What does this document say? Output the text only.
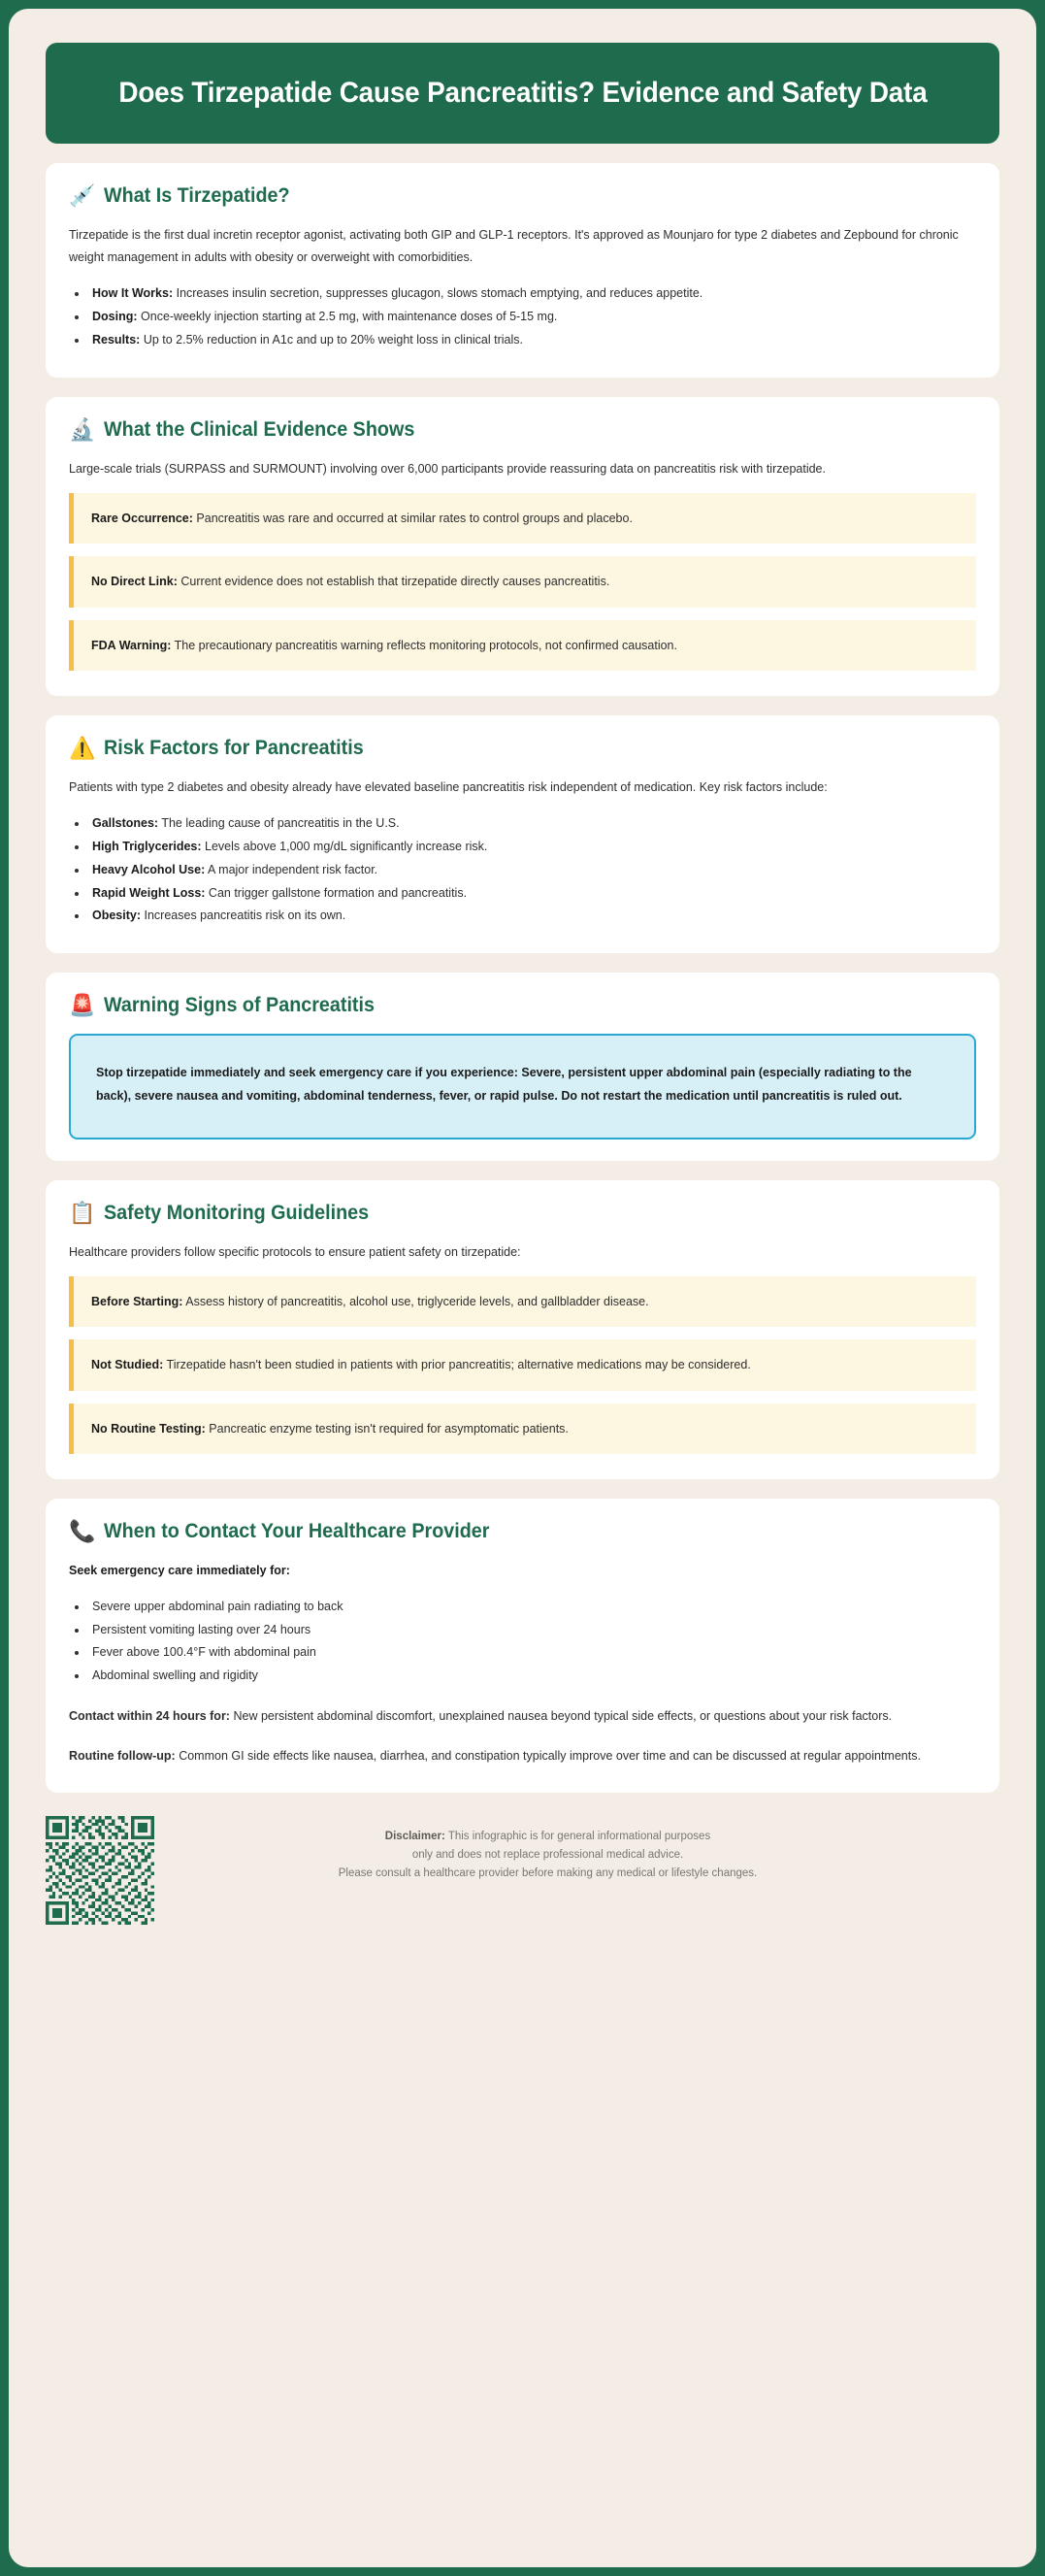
Does Tirzepatide Cause Pancreatitis? Evidence and Safety Data
💉 What Is Tirzepatide?

Tirzepatide is the first dual incretin receptor agonist, activating both GIP and GLP-1 receptors. It's approved as Mounjaro for type 2 diabetes and Zepbound for chronic weight management in adults with obesity or overweight with comorbidities.

• How It Works: Increases insulin secretion, suppresses glucagon, slows stomach emptying, and reduces appetite.
• Dosing: Once-weekly injection starting at 2.5 mg, with maintenance doses of 5-15 mg.
• Results: Up to 2.5% reduction in A1c and up to 20% weight loss in clinical trials.
🔬 What the Clinical Evidence Shows

Large-scale trials (SURPASS and SURMOUNT) involving over 6,000 participants provide reassuring data on pancreatitis risk with tirzepatide.

Rare Occurrence: Pancreatitis was rare and occurred at similar rates to control groups and placebo.
No Direct Link: Current evidence does not establish that tirzepatide directly causes pancreatitis.
FDA Warning: The precautionary pancreatitis warning reflects monitoring protocols, not confirmed causation.
⚠️ Risk Factors for Pancreatitis

Patients with type 2 diabetes and obesity already have elevated baseline pancreatitis risk independent of medication. Key risk factors include:

• Gallstones: The leading cause of pancreatitis in the U.S.
• High Triglycerides: Levels above 1,000 mg/dL significantly increase risk.
• Heavy Alcohol Use: A major independent risk factor.
• Rapid Weight Loss: Can trigger gallstone formation and pancreatitis.
• Obesity: Increases pancreatitis risk on its own.
🚨 Warning Signs of Pancreatitis
Stop tirzepatide immediately and seek emergency care if you experience: Severe, persistent upper abdominal pain (especially radiating to the back), severe nausea and vomiting, abdominal tenderness, fever, or rapid pulse. Do not restart the medication until pancreatitis is ruled out.
📋 Safety Monitoring Guidelines

Healthcare providers follow specific protocols to ensure patient safety on tirzepatide:

Before Starting: Assess history of pancreatitis, alcohol use, triglyceride levels, and gallbladder disease.
Not Studied: Tirzepatide hasn't been studied in patients with prior pancreatitis; alternative medications may be considered.
No Routine Testing: Pancreatic enzyme testing isn't required for asymptomatic patients.
📞 When to Contact Your Healthcare Provider

Seek emergency care immediately for:

• Severe upper abdominal pain radiating to back
• Persistent vomiting lasting over 24 hours
• Fever above 100.4°F with abdominal pain
• Abdominal swelling and rigidity

Contact within 24 hours for: New persistent abdominal discomfort, unexplained nausea beyond typical side effects, or questions about your risk factors.

Routine follow-up: Common GI side effects like nausea, diarrhea, and constipation typically improve over time and can be discussed at regular appointments.

Disclaimer: This infographic is for general informational purposes
only and does not replace professional medical advice.
Please consult a healthcare provider before making any medical or lifestyle changes.
